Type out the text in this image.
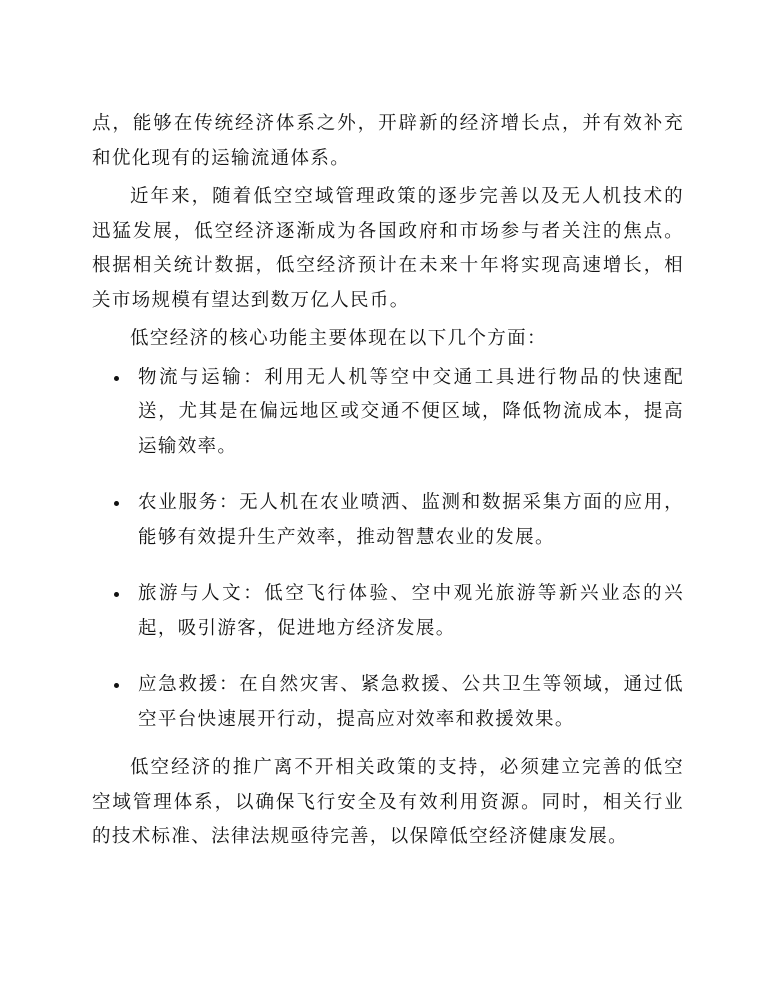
点，能够在传统经济体系之外，开辟新的经济增长点，并有效补充和优化现有的运输流通体系。

近年来，随着低空空域管理政策的逐步完善以及无人机技术的迅猛发展，低空经济逐渐成为各国政府和市场参与者关注的焦点。根据相关统计数据，低空经济预计在未来十年将实现高速增长，相关市场规模有望达到数万亿人民币。

低空经济的核心功能主要体现在以下几个方面：

物流与运输：利用无人机等空中交通工具进行物品的快速配送，尤其是在偏远地区或交通不便区域，降低物流成本，提高运输效率。
农业服务：无人机在农业喷洒、监测和数据采集方面的应用，能够有效提升生产效率，推动智慧农业的发展。
旅游与人文：低空飞行体验、空中观光旅游等新兴业态的兴起，吸引游客，促进地方经济发展。
应急救援：在自然灾害、紧急救援、公共卫生等领域，通过低空平台快速展开行动，提高应对效率和救援效果。

低空经济的推广离不开相关政策的支持，必须建立完善的低空空域管理体系，以确保飞行安全及有效利用资源。同时，相关行业的技术标准、法律法规亟待完善，以保障低空经济健康发展。
